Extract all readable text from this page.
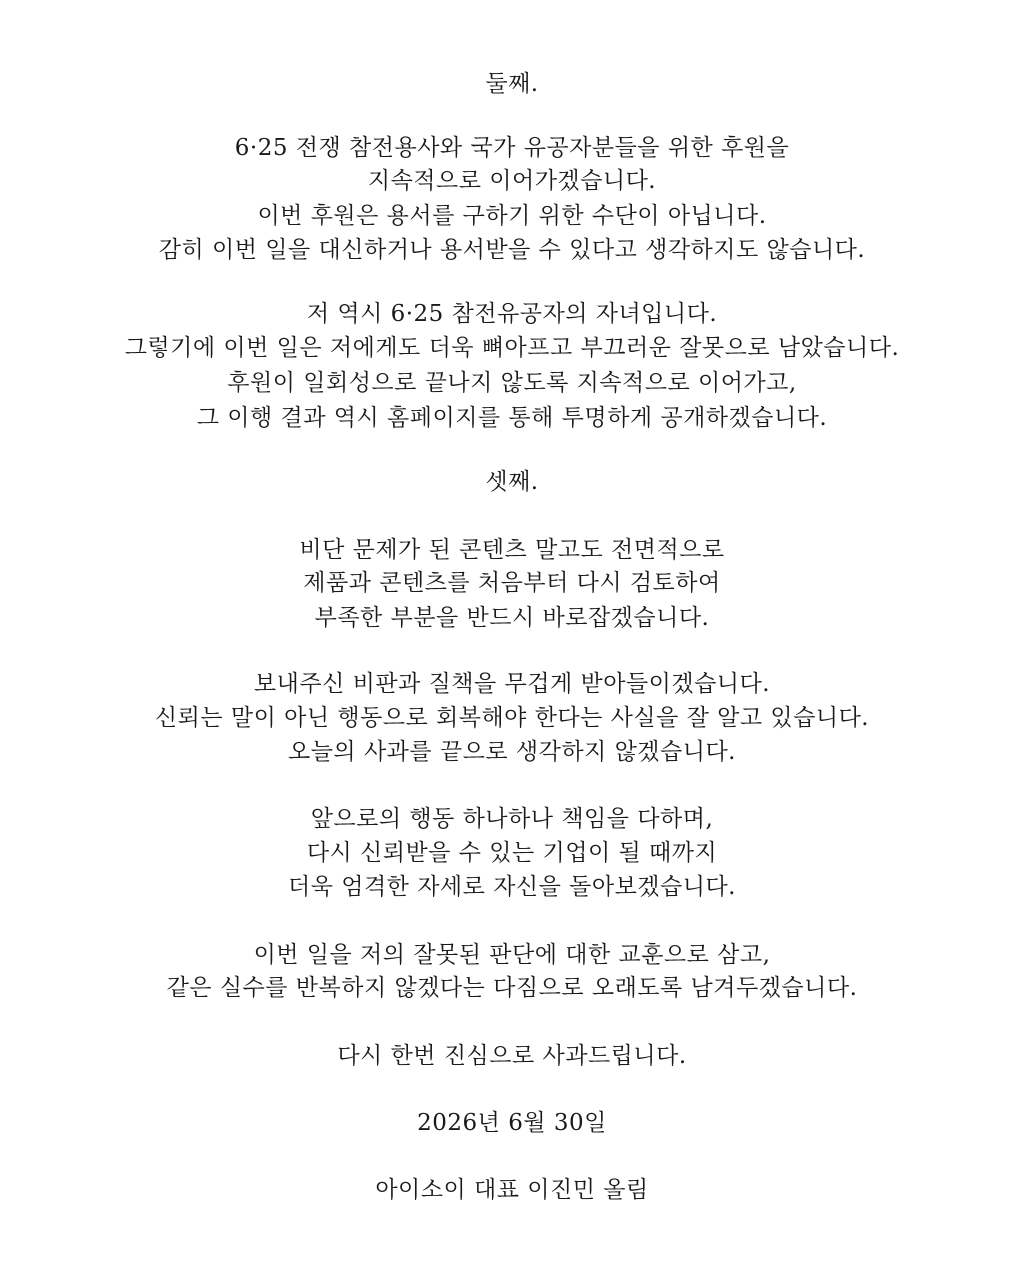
둘째.
6·25 전쟁 참전용사와 국가 유공자분들을 위한 후원을
지속적으로 이어가겠습니다.
이번 후원은 용서를 구하기 위한 수단이 아닙니다.
감히 이번 일을 대신하거나 용서받을 수 있다고 생각하지도 않습니다.
저 역시 6·25 참전유공자의 자녀입니다.
그렇기에 이번 일은 저에게도 더욱 뼈아프고 부끄러운 잘못으로 남았습니다.
후원이 일회성으로 끝나지 않도록 지속적으로 이어가고,
그 이행 결과 역시 홈페이지를 통해 투명하게 공개하겠습니다.
셋째.
비단 문제가 된 콘텐츠 말고도 전면적으로
제품과 콘텐츠를 처음부터 다시 검토하여
부족한 부분을 반드시 바로잡겠습니다.
보내주신 비판과 질책을 무겁게 받아들이겠습니다.
신뢰는 말이 아닌 행동으로 회복해야 한다는 사실을 잘 알고 있습니다.
오늘의 사과를 끝으로 생각하지 않겠습니다.
앞으로의 행동 하나하나 책임을 다하며,
다시 신뢰받을 수 있는 기업이 될 때까지
더욱 엄격한 자세로 자신을 돌아보겠습니다.
이번 일을 저의 잘못된 판단에 대한 교훈으로 삼고,
같은 실수를 반복하지 않겠다는 다짐으로 오래도록 남겨두겠습니다.
다시 한번 진심으로 사과드립니다.
2026년 6월 30일
아이소이 대표 이진민 올림
